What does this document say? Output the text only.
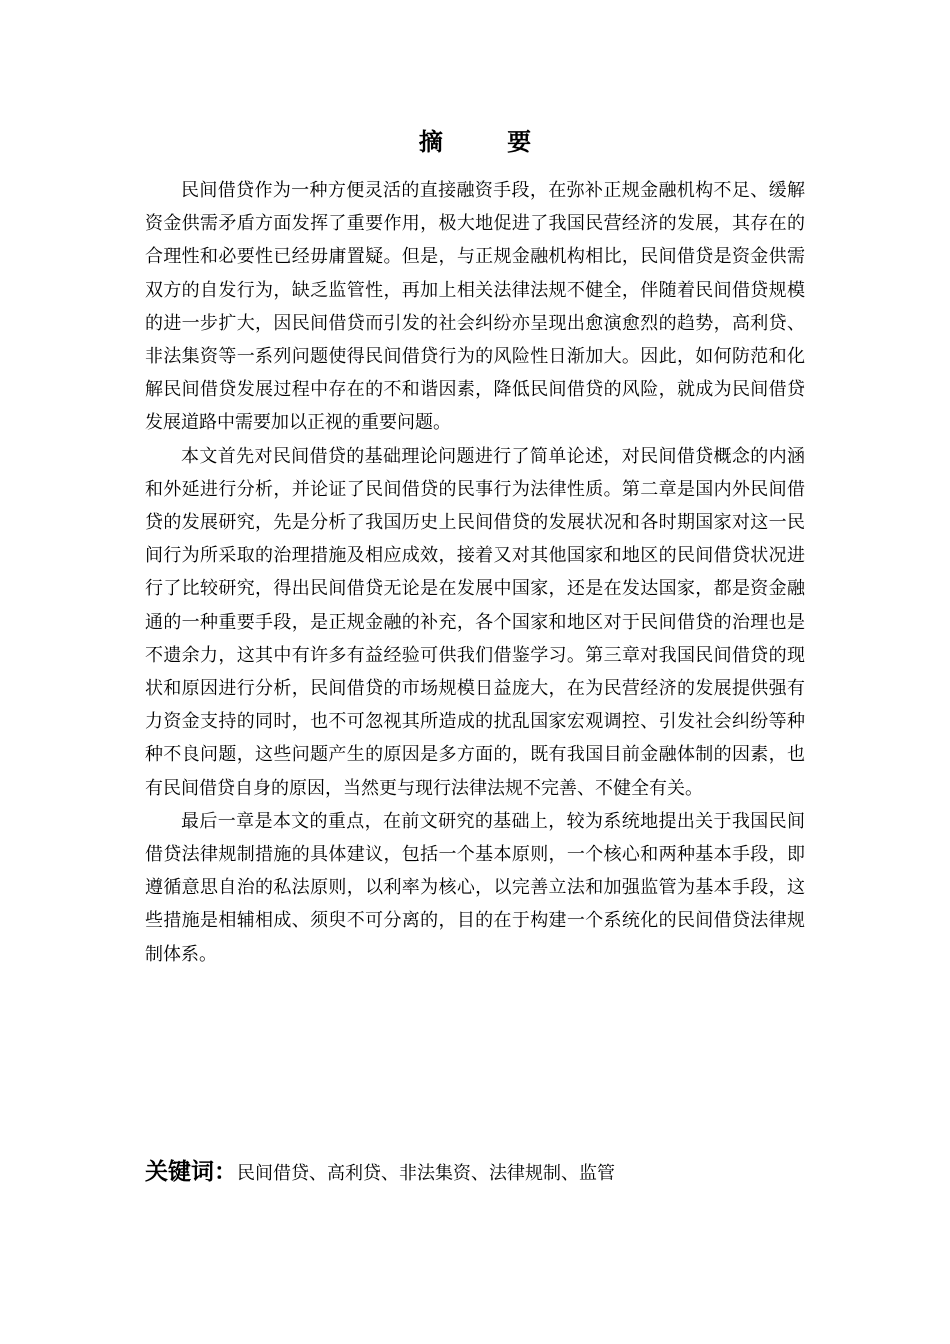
摘 要

民间借贷作为一种方便灵活的直接融资手段，在弥补正规金融机构不足、缓解资金供需矛盾方面发挥了重要作用，极大地促进了我国民营经济的发展，其存在的合理性和必要性已经毋庸置疑。但是，与正规金融机构相比，民间借贷是资金供需双方的自发行为，缺乏监管性，再加上相关法律法规不健全，伴随着民间借贷规模的进一步扩大，因民间借贷而引发的社会纠纷亦呈现出愈演愈烈的趋势，高利贷、非法集资等一系列问题使得民间借贷行为的风险性日渐加大。因此，如何防范和化解民间借贷发展过程中存在的不和谐因素，降低民间借贷的风险，就成为民间借贷发展道路中需要加以正视的重要问题。

本文首先对民间借贷的基础理论问题进行了简单论述，对民间借贷概念的内涵和外延进行分析，并论证了民间借贷的民事行为法律性质。第二章是国内外民间借贷的发展研究，先是分析了我国历史上民间借贷的发展状况和各时期国家对这一民间行为所采取的治理措施及相应成效，接着又对其他国家和地区的民间借贷状况进行了比较研究，得出民间借贷无论是在发展中国家，还是在发达国家，都是资金融通的一种重要手段，是正规金融的补充，各个国家和地区对于民间借贷的治理也是不遗余力，这其中有许多有益经验可供我们借鉴学习。第三章对我国民间借贷的现状和原因进行分析，民间借贷的市场规模日益庞大，在为民营经济的发展提供强有力资金支持的同时，也不可忽视其所造成的扰乱国家宏观调控、引发社会纠纷等种种不良问题，这些问题产生的原因是多方面的，既有我国目前金融体制的因素，也有民间借贷自身的原因，当然更与现行法律法规不完善、不健全有关。

最后一章是本文的重点，在前文研究的基础上，较为系统地提出关于我国民间借贷法律规制措施的具体建议，包括一个基本原则，一个核心和两种基本手段，即遵循意思自治的私法原则，以利率为核心，以完善立法和加强监管为基本手段，这些措施是相辅相成、须臾不可分离的，目的在于构建一个系统化的民间借贷法律规制体系。

关键词：民间借贷、高利贷、非法集资、法律规制、监管
